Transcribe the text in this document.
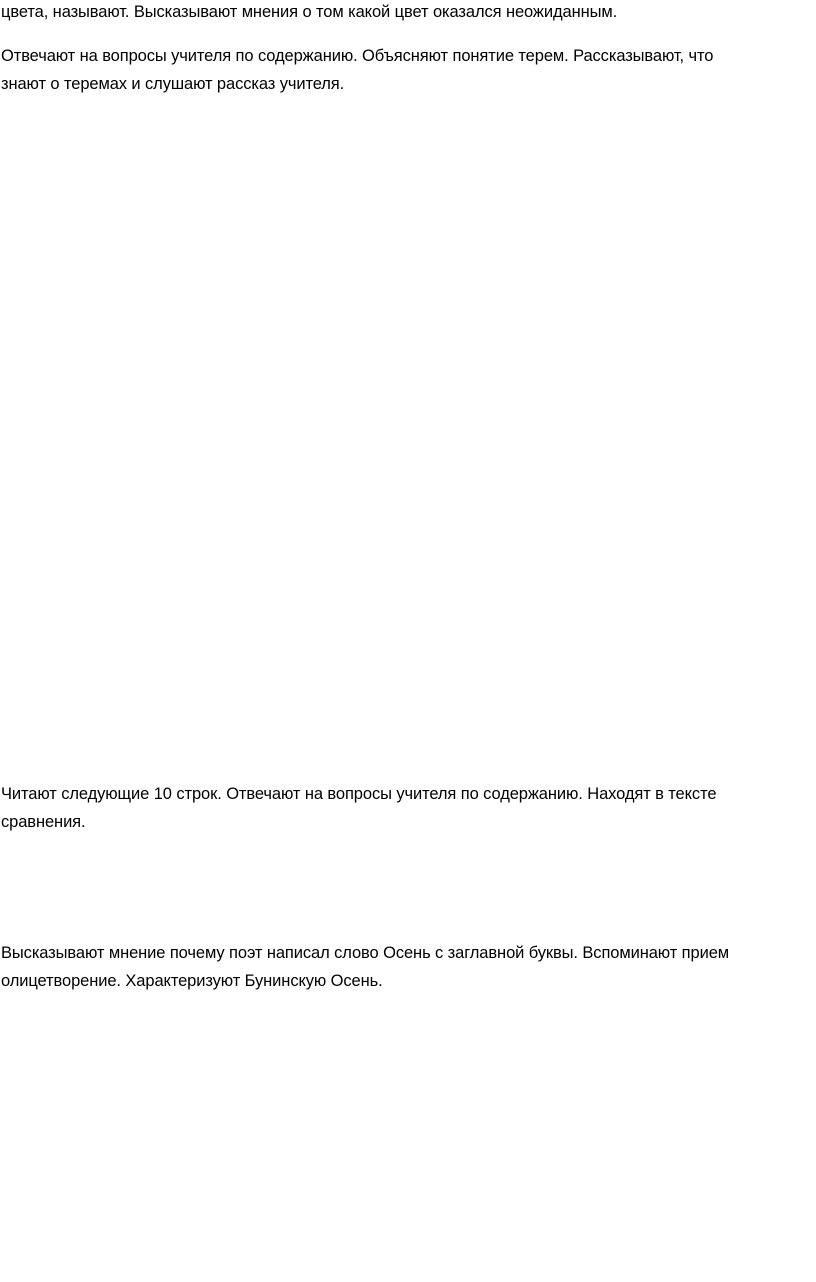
цвета, называют. Высказывают мнения о том какой цвет оказался неожиданным.

Отвечают на вопросы учителя по содержанию. Объясняют понятие терем. Рассказывают, что
знают о теремах и слушают рассказ учителя.

Читают следующие 10 строк. Отвечают на вопросы учителя по содержанию. Находят в тексте
сравнения.

Высказывают мнение почему поэт написал слово Осень с заглавной буквы. Вспоминают прием
олицетворение. Характеризуют Бунинскую Осень.
